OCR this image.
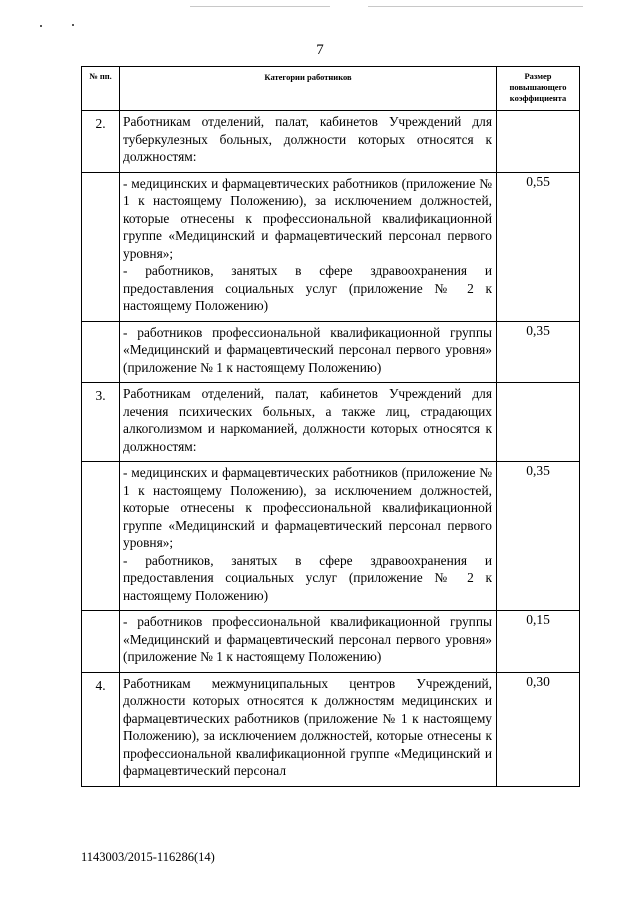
7
№ пп.	Категории работников	Размер повышающего коэффициента
2.	Работникам отделений, палат, кабинетов Учреждений для туберкулезных больных, должности которых относятся к должностям:	

	- медицинских и фармацевтических работников (приложение № 1 к настоящему Положению), за исключением должностей, которые отнесены к профессиональной квалификационной группе «Медицинский и фармацевтический персонал первого уровня»;
- работников, занятых в сфере здравоохранения и предоставления социальных услуг (приложение № 2 к настоящему Положению)	0,55

	- работников профессиональной квалификационной группы «Медицинский и фармацевтический персонал первого уровня» (приложение № 1 к настоящему Положению)	0,35
3.	Работникам отделений, палат, кабинетов Учреждений для лечения психических больных, а также лиц, страдающих алкоголизмом и наркоманией, должности которых относятся к должностям:	

	- медицинских и фармацевтических работников (приложение № 1 к настоящему Положению), за исключением должностей, которые отнесены к профессиональной квалификационной группе «Медицинский и фармацевтический персонал первого уровня»;
- работников, занятых в сфере здравоохранения и предоставления социальных услуг (приложение № 2 к настоящему Положению)	0,35

	- работников профессиональной квалификационной группы «Медицинский и фармацевтический персонал первого уровня» (приложение № 1 к настоящему Положению)	0,15
4.	Работникам межмуниципальных центров Учреждений, должности которых относятся к должностям медицинских и фармацевтических работников (приложение № 1 к настоящему Положению), за исключением должностей, которые отнесены к профессиональной квалификационной группе «Медицинский и фармацевтический персонал	0,30
1143003/2015-116286(14)
